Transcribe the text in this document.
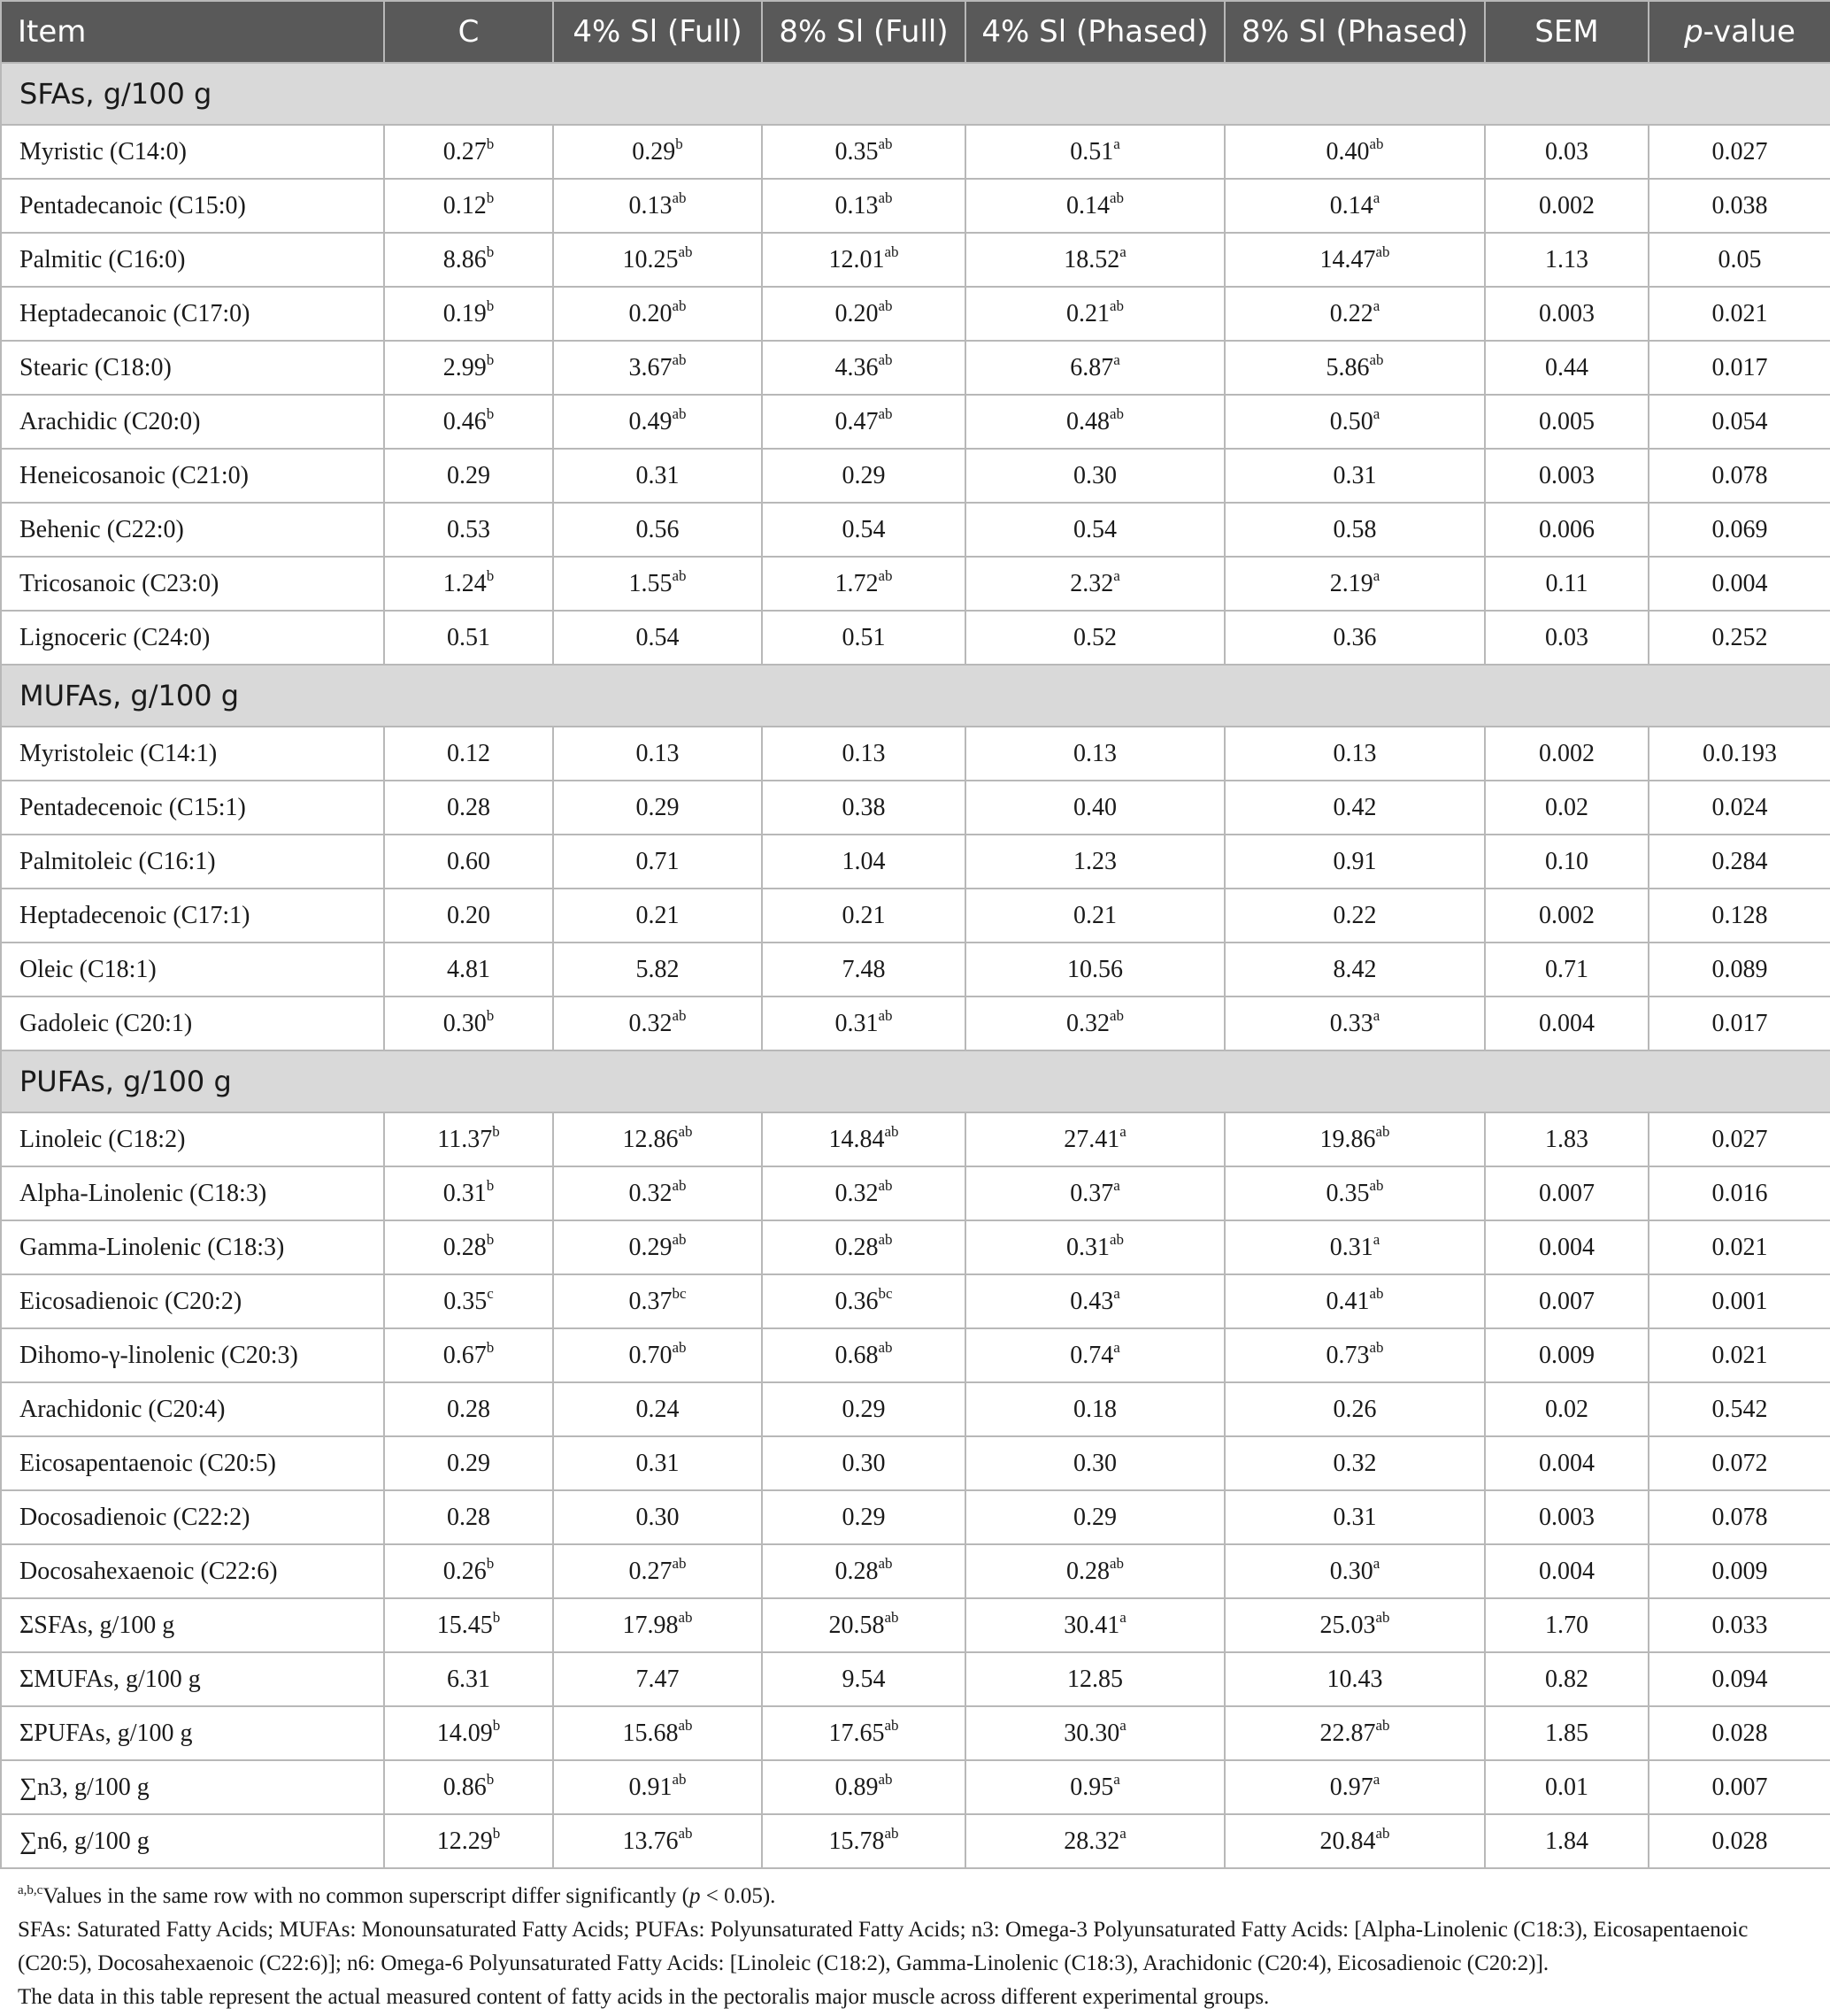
Item	C	4% Sl (Full)	8% Sl (Full)	4% Sl (Phased)	8% Sl (Phased)	SEM	p-value
SFAs, g/100 g							
Myristic (C14:0)	0.27$^b$	0.29$^b$	0.35$^{ab}$	0.51$^a$	0.40$^{ab}$	0.03	0.027
Pentadecanoic (C15:0)	0.12$^b$	0.13$^{ab}$	0.13$^{ab}$	0.14$^{ab}$	0.14$^a$	0.002	0.038
Palmitic (C16:0)	8.86$^b$	10.25$^{ab}$	12.01$^{ab}$	18.52$^a$	14.47$^{ab}$	1.13	0.05
Heptadecanoic (C17:0)	0.19$^b$	0.20$^{ab}$	0.20$^{ab}$	0.21$^{ab}$	0.22$^a$	0.003	0.021
Stearic (C18:0)	2.99$^b$	3.67$^{ab}$	4.36$^{ab}$	6.87$^a$	5.86$^{ab}$	0.44	0.017
Arachidic (C20:0)	0.46$^b$	0.49$^{ab}$	0.47$^{ab}$	0.48$^{ab}$	0.50$^a$	0.005	0.054
Heneicosanoic (C21:0)	0.29	0.31	0.29	0.30	0.31	0.003	0.078
Behenic (C22:0)	0.53	0.56	0.54	0.54	0.58	0.006	0.069
Tricosanoic (C23:0)	1.24$^b$	1.55$^{ab}$	1.72$^{ab}$	2.32$^a$	2.19$^a$	0.11	0.004
Lignoceric (C24:0)	0.51	0.54	0.51	0.52	0.36	0.03	0.252
MUFAs, g/100 g							
Myristoleic (C14:1)	0.12	0.13	0.13	0.13	0.13	0.002	0.0.193
Pentadecenoic (C15:1)	0.28	0.29	0.38	0.40	0.42	0.02	0.024
Palmitoleic (C16:1)	0.60	0.71	1.04	1.23	0.91	0.10	0.284
Heptadecenoic (C17:1)	0.20	0.21	0.21	0.21	0.22	0.002	0.128
Oleic (C18:1)	4.81	5.82	7.48	10.56	8.42	0.71	0.089
Gadoleic (C20:1)	0.30$^b$	0.32$^{ab}$	0.31$^{ab}$	0.32$^{ab}$	0.33$^a$	0.004	0.017
PUFAs, g/100 g							
Linoleic (C18:2)	11.37$^b$	12.86$^{ab}$	14.84$^{ab}$	27.41$^a$	19.86$^{ab}$	1.83	0.027
Alpha-Linolenic (C18:3)	0.31$^b$	0.32$^{ab}$	0.32$^{ab}$	0.37$^a$	0.35$^{ab}$	0.007	0.016
Gamma-Linolenic (C18:3)	0.28$^b$	0.29$^{ab}$	0.28$^{ab}$	0.31$^{ab}$	0.31$^a$	0.004	0.021
Eicosadienoic (C20:2)	0.35$^c$	0.37$^{bc}$	0.36$^{bc}$	0.43$^a$	0.41$^{ab}$	0.007	0.001
Dihomo-γ-linolenic (C20:3)	0.67$^b$	0.70$^{ab}$	0.68$^{ab}$	0.74$^a$	0.73$^{ab}$	0.009	0.021
Arachidonic (C20:4)	0.28	0.24	0.29	0.18	0.26	0.02	0.542
Eicosapentaenoic (C20:5)	0.29	0.31	0.30	0.30	0.32	0.004	0.072
Docosadienoic (C22:2)	0.28	0.30	0.29	0.29	0.31	0.003	0.078
Docosahexaenoic (C22:6)	0.26$^b$	0.27$^{ab}$	0.28$^{ab}$	0.28$^{ab}$	0.30$^a$	0.004	0.009
ΣSFAs, g/100 g	15.45$^b$	17.98$^{ab}$	20.58$^{ab}$	30.41$^a$	25.03$^{ab}$	1.70	0.033
ΣMUFAs, g/100 g	6.31	7.47	9.54	12.85	10.43	0.82	0.094
ΣPUFAs, g/100 g	14.09$^b$	15.68$^{ab}$	17.65$^{ab}$	30.30$^a$	22.87$^{ab}$	1.85	0.028
∑n3, g/100 g	0.86$^b$	0.91$^{ab}$	0.89$^{ab}$	0.95$^a$	0.97$^a$	0.01	0.007
∑n6, g/100 g	12.29$^b$	13.76$^{ab}$	15.78$^{ab}$	28.32$^a$	20.84$^{ab}$	1.84	0.028

$^{a,b,c}$Values in the same row with no common superscript differ significantly (p < 0.05).

SFAs: Saturated Fatty Acids; MUFAs: Monounsaturated Fatty Acids; PUFAs: Polyunsaturated Fatty Acids; n3: Omega-3 Polyunsaturated Fatty Acids: [Alpha-Linolenic (C18:3), Eicosapentaenoic (C20:5), Docosahexaenoic (C22:6)]; n6: Omega-6 Polyunsaturated Fatty Acids: [Linoleic (C18:2), Gamma-Linolenic (C18:3), Arachidonic (C20:4), Eicosadienoic (C20:2)].

The data in this table represent the actual measured content of fatty acids in the pectoralis major muscle across different experimental groups.
